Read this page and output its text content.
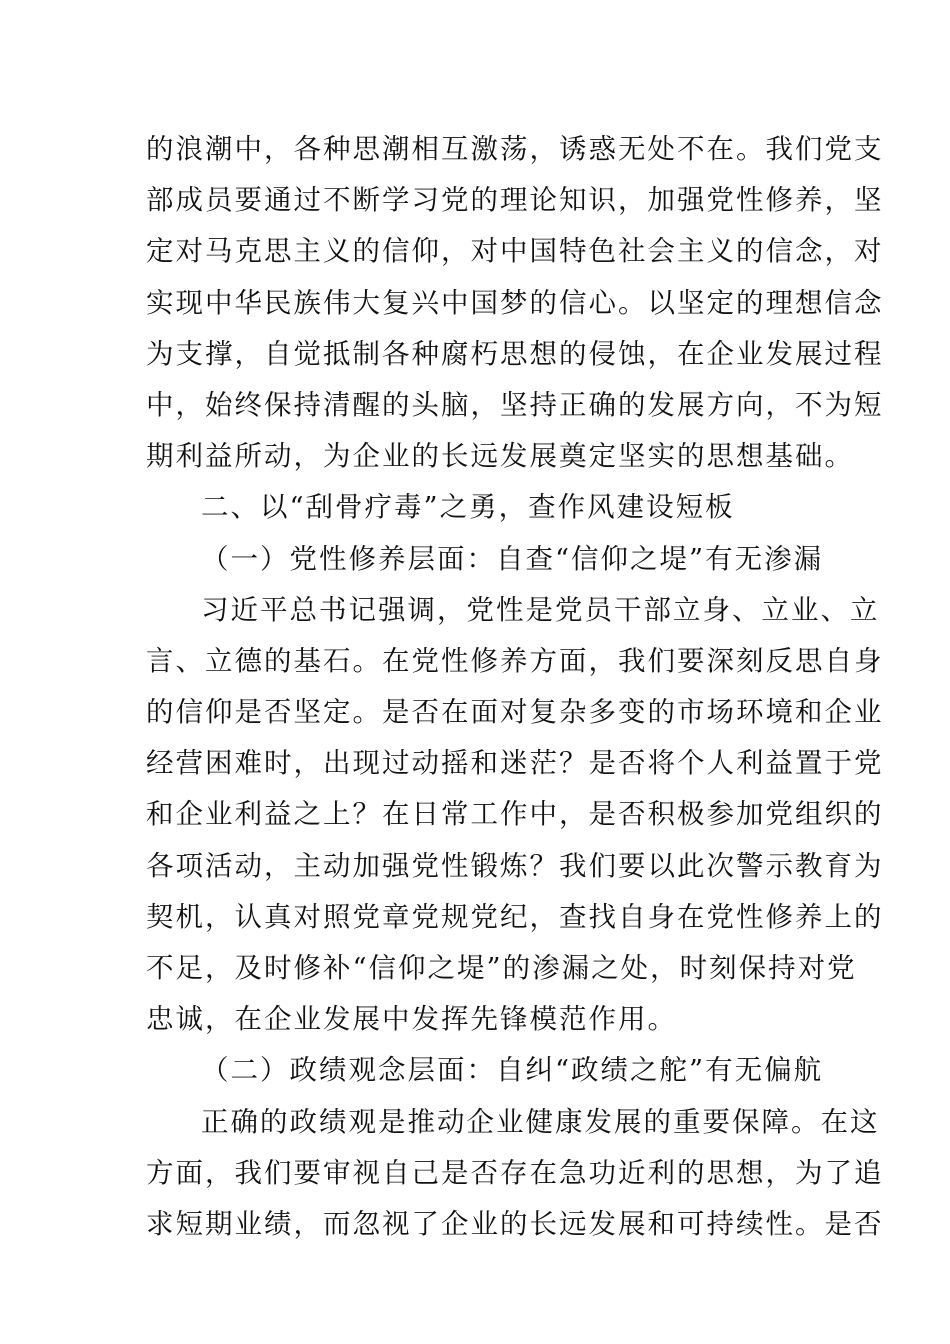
的浪潮中，各种思潮相互激荡，诱惑无处不在。我们党支
部成员要通过不断学习党的理论知识，加强党性修养，坚
定对马克思主义的信仰，对中国特色社会主义的信念，对
实现中华民族伟大复兴中国梦的信心。以坚定的理想信念
为支撑，自觉抵制各种腐朽思想的侵蚀，在企业发展过程
中，始终保持清醒的头脑，坚持正确的发展方向，不为短
期利益所动，为企业的长远发展奠定坚实的思想基础。
二、以“刮骨疗毒”之勇，查作风建设短板
（一）党性修养层面：自查“信仰之堤”有无渗漏
习近平总书记强调，党性是党员干部立身、立业、立
言、立德的基石。在党性修养方面，我们要深刻反思自身
的信仰是否坚定。是否在面对复杂多变的市场环境和企业
经营困难时，出现过动摇和迷茫？是否将个人利益置于党
和企业利益之上？在日常工作中，是否积极参加党组织的
各项活动，主动加强党性锻炼？我们要以此次警示教育为
契机，认真对照党章党规党纪，查找自身在党性修养上的
不足，及时修补“信仰之堤”的渗漏之处，时刻保持对党
忠诚，在企业发展中发挥先锋模范作用。
（二）政绩观念层面：自纠“政绩之舵”有无偏航
正确的政绩观是推动企业健康发展的重要保障。在这
方面，我们要审视自己是否存在急功近利的思想，为了追
求短期业绩，而忽视了企业的长远发展和可持续性。是否
